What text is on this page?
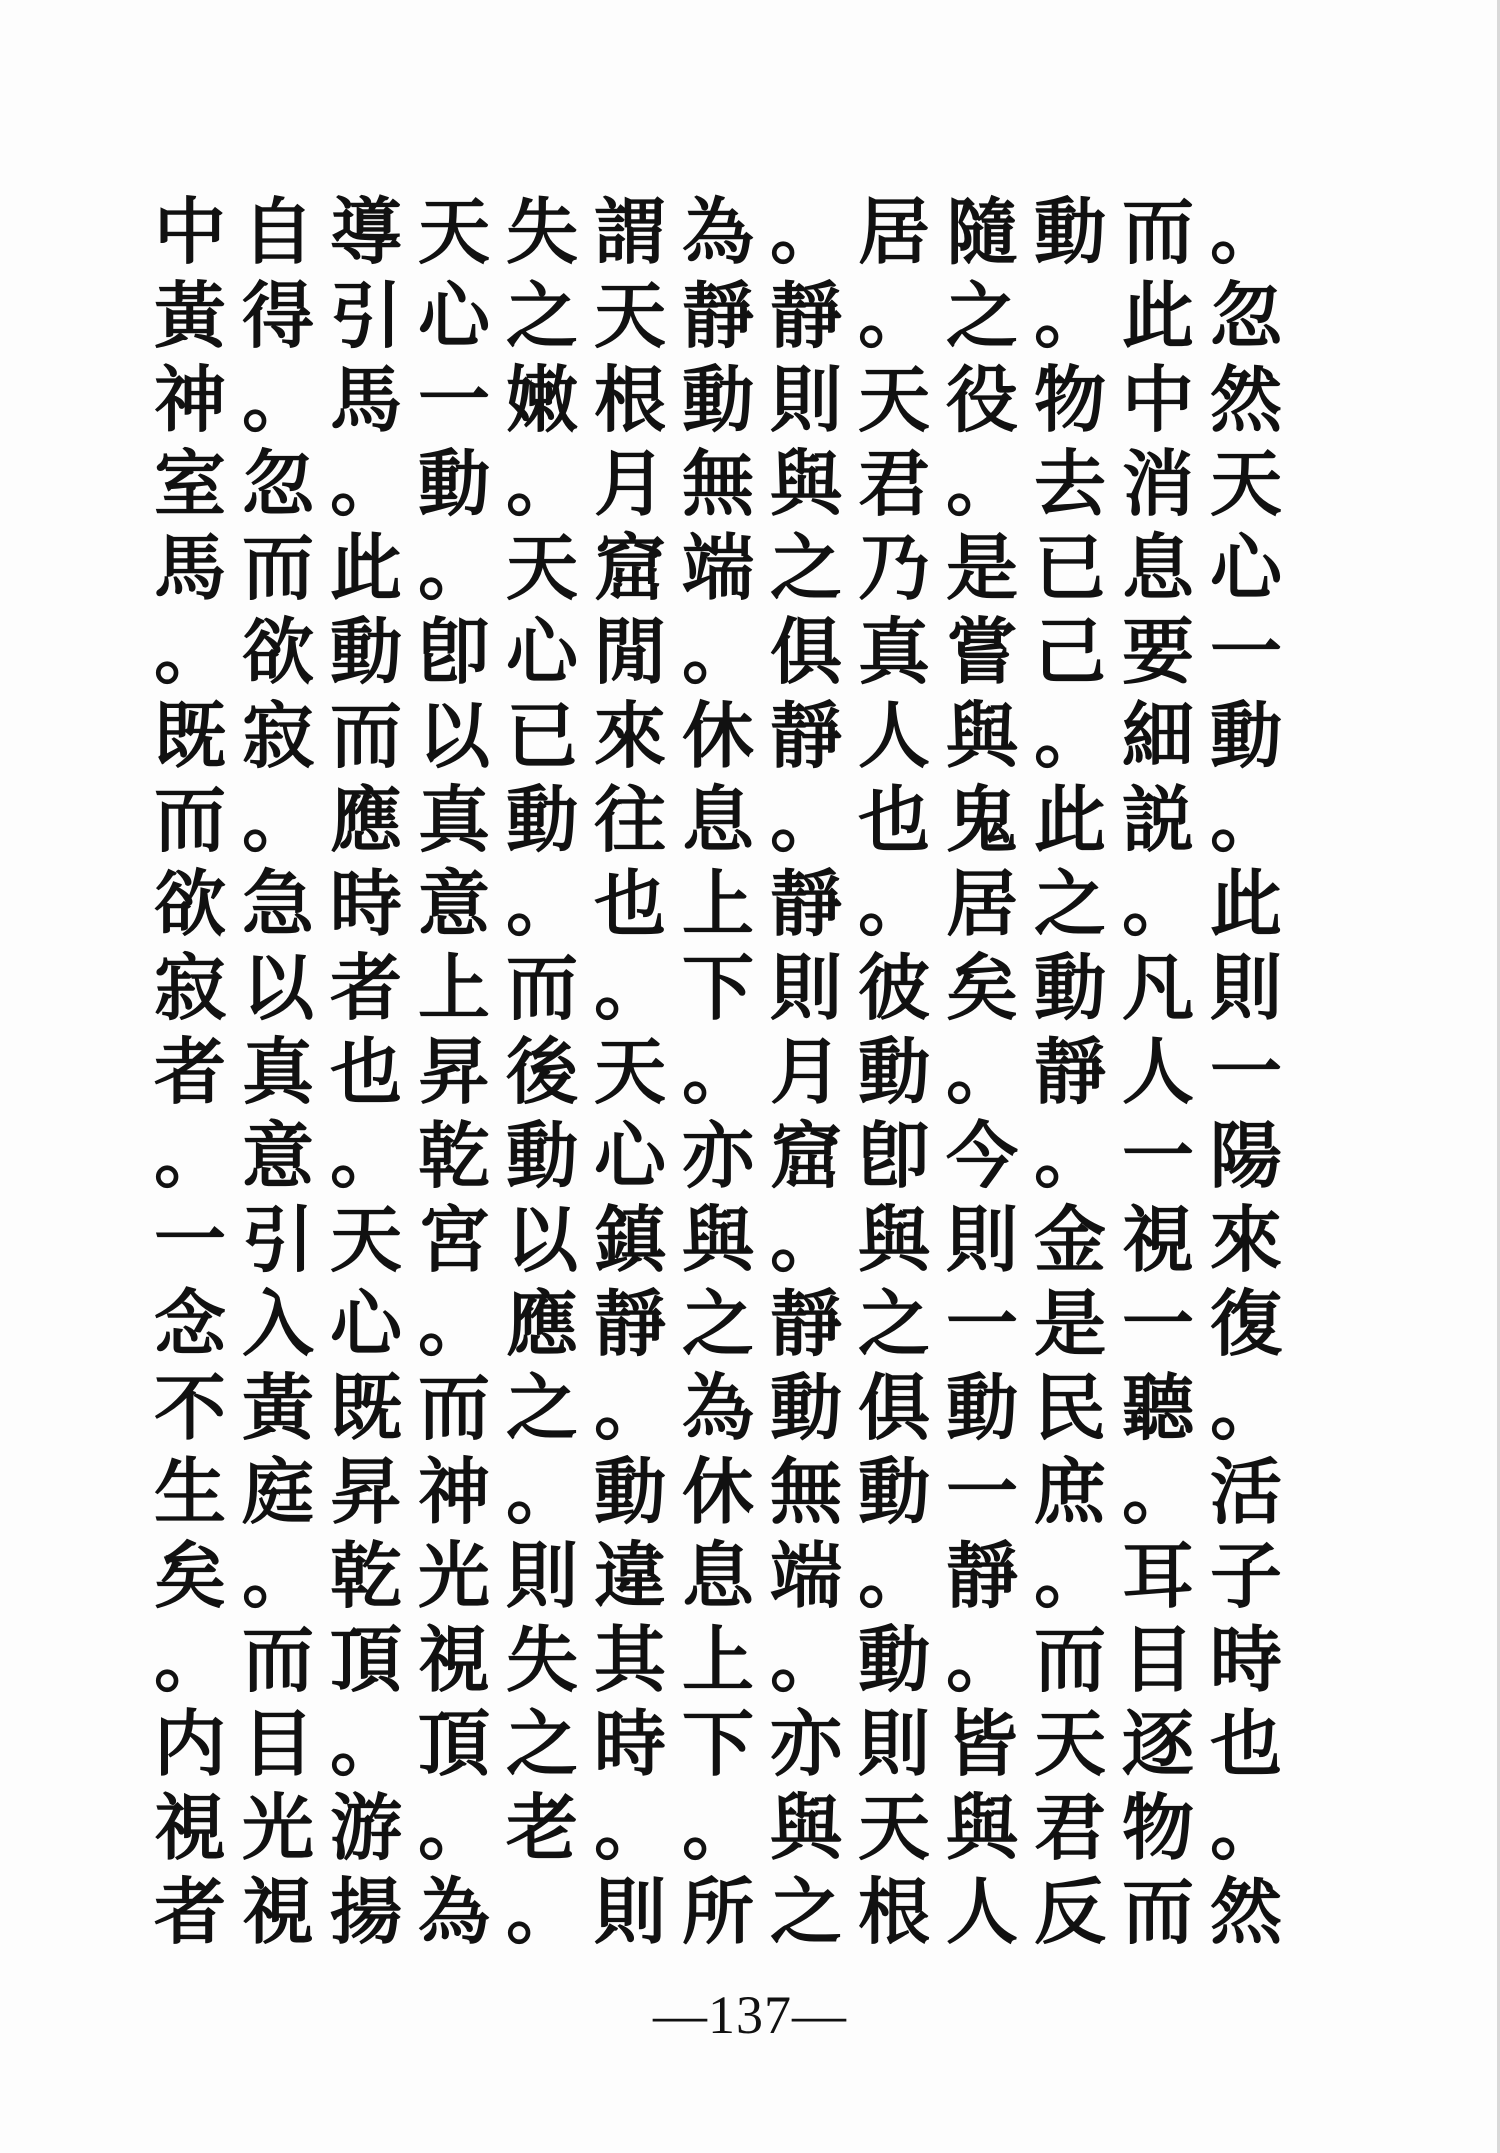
中 自 導 天 失 謂 為 。 居 隨 動 而 。
黃 得 引 心 之 天 靜 靜 。 之 。 此 忽
神 。 馬 一 嫩 根 動 則 天 役 物 中 然
室 忽 。 動 。 月 無 與 君 。 去 消 天
馬 而 此 。 天 窟 端 之 乃 是 已 息 心
。 欲 動 卽 心 閒 。 俱 真 嘗 己 要 一
既 寂 而 以 已 來 休 靜 人 與 。 細 動
而 。 應 真 動 往 息 。 也 鬼 此 説 。
欲 急 時 意 。 也 上 靜 。 居 之 。 此
寂 以 者 上 而 。 下 則 彼 矣 動 凡 則
者 真 也 昇 後 天 。 月 動 。 靜 人 一
。 意 。 乾 動 心 亦 窟 卽 今 。 一 陽
一 引 天 宮 以 鎮 與 。 與 則 金 視 來
念 入 心 。 應 靜 之 靜 之 一 是 一 復
不 黃 既 而 之 。 為 動 俱 動 民 聽 。
生 庭 昇 神 。 動 休 無 動 一 庶 。 活
矣 。 乾 光 則 違 息 端 。 靜 。 耳 子
。 而 頂 視 失 其 上 。 動 。 而 目 時
内 目 。 頂 之 時 下 亦 則 皆 天 逐 也
視 光 游 。 老 。 。 與 天 與 君 物 。
者 視 揚 為 。 則 所 之 根 人 反 而 然
—137—
